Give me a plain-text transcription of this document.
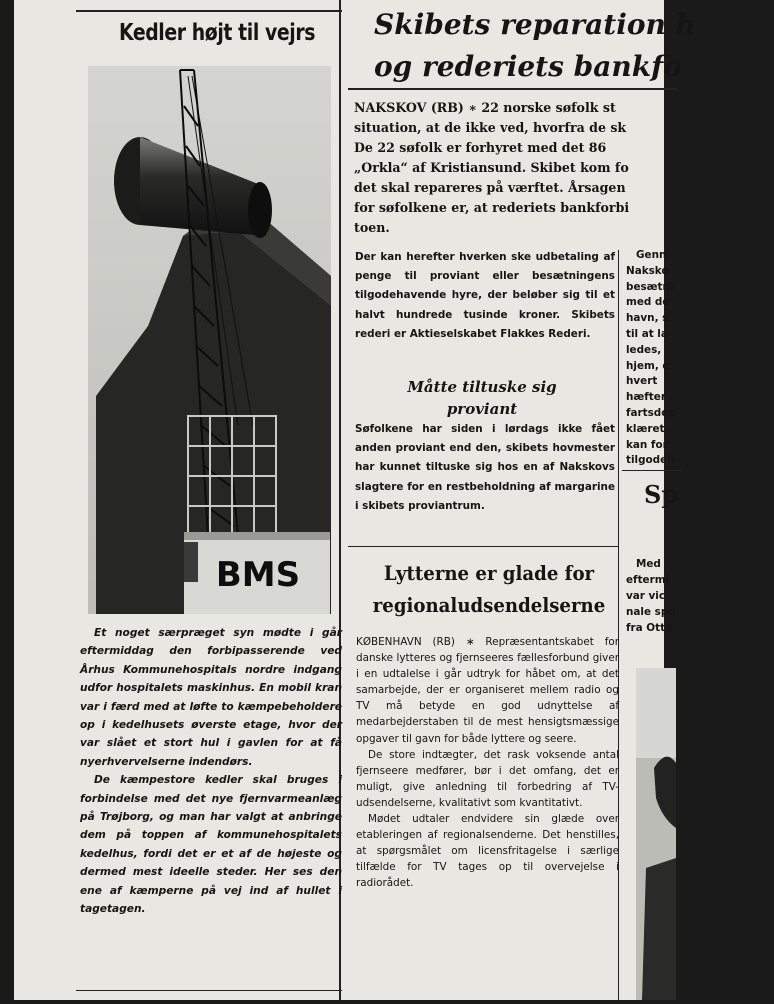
Kedler højt til vejrs
BMS

Et noget særpræget syn mødte i går eftermiddag den forbipasserende ved Århus Kommunehospitals nordre indgang udfor hospitalets maskinhus. En mobil kran var i færd med at løfte to kæmpebeholdere op i kedelhusets øverste etage, hvor der var slået et stort hul i gavlen for at få nyerhvervelserne indendørs.

De kæmpestore kedler skal bruges i forbindelse med det nye fjernvarmeanlæg på Trøjborg, og man har valgt at anbringe dem på toppen af kommunehospitalets kedelhus, fordi det er et af de højeste og dermed mest ideelle steder. Her ses den ene af kæmperne på vej ind af hullet i tagetagen.

Skibets reparation h
og rederiets bankfo
NAKSKOV (RB) ∗ 22 norske søfolk st
situation, at de ikke ved, hvorfra de sk
De 22 søfolk er forhyret med det 86
„Orkla“ af Kristiansund. Skibet kom fo
det skal repareres på værftet. Årsagen
for søfolkene er, at rederiets bankforbi
toen.

Der kan herefter hverken ske udbetaling af penge til proviant eller besætningens tilgodehavende hyre, der beløber sig til et halvt hundrede tusinde kroner. Skibets rederi er Aktieselskabet Flakkes Rederi.

Måtte tiltuske sig
proviant

Søfolkene har siden i lørdags ikke fået anden proviant end den, skibets hovmester har kunnet tiltuske sig hos en af Nakskovs slagtere for en restbeholdning af margarine i skibets proviantrum.

Genn
Naksko
besætnl
med de
havn, s
til at la
ledes,
hjem, c
hvert
hæfter
fartsdep
klæret,
kan for
tilgodeh
Sp
Med
eftermi
var vic
nale spo
fra Otta
Lytterne er glade for
regionaludsendelserne

KØBENHAVN (RB) ∗ Repræsentantskabet for danske lytteres og fjernseeres fællesforbund giver i en udtalelse i går udtryk for håbet om, at det samarbejde, der er organiseret mellem radio og TV må betyde en god udnyttelse af medarbejderstaben til de mest hensigtsmæssige opgaver til gavn for både lyttere og seere.

De store indtægter, det rask voksende antal fjernseere medfører, bør i det omfang, det er muligt, give anledning til forbedring af TV-udsendelserne, kvalitativt som kvantitativt.

Mødet udtaler endvidere sin glæde over etableringen af regionalsenderne. Det henstilles, at spørgsmålet om licensfritagelse i særlige tilfælde for TV tages op til overvejelse i radiorådet.
